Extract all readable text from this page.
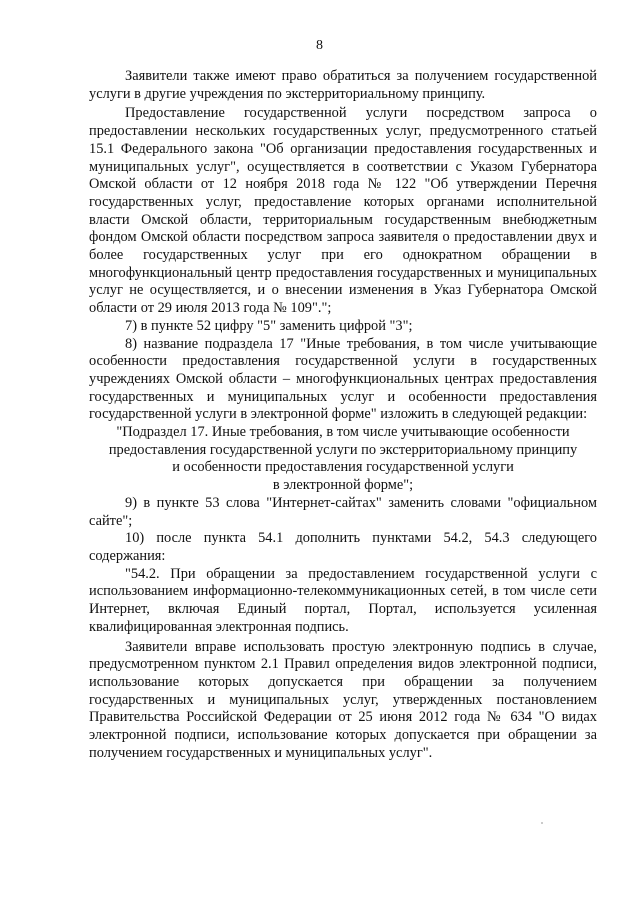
8

Заявители также имеют право обратиться за получением государственной услуги в другие учреждения по экстерриториальному принципу.

Предоставление государственной услуги посредством запроса о предоставлении нескольких государственных услуг, предусмотренного статьей 15.1 Федерального закона "Об организации предоставления государственных и муниципальных услуг", осуществляется в соответствии с Указом Губернатора Омской области от 12 ноября 2018 года № 122 "Об утверждении Перечня государственных услуг, предоставление которых органами исполнительной власти Омской области, территориальным государственным внебюджетным фондом Омской области посредством запроса заявителя о предоставлении двух и более государственных услуг при его однократном обращении в многофункциональный центр предоставления государственных и муниципальных услуг не осуществляется, и о внесении изменения в Указ Губернатора Омской области от 29 июля 2013 года № 109".";

7) в пункте 52 цифру "5" заменить цифрой "3";

8) название подраздела 17 "Иные требования, в том числе учитывающие особенности предоставления государственной услуги в государственных учреждениях Омской области – многофункциональных центрах предоставления государственных и муниципальных услуг и особенности предоставления государственной услуги в электронной форме" изложить в следующей редакции:

"Подраздел 17. Иные требования, в том числе учитывающие особенности

предоставления государственной услуги по экстерриториальному принципу

и особенности предоставления государственной услуги

в электронной форме";

9) в пункте 53 слова "Интернет-сайтах" заменить словами "официальном сайте";

10) после пункта 54.1 дополнить пунктами 54.2, 54.3 следующего содержания:

"54.2. При обращении за предоставлением государственной услуги с использованием информационно-телекоммуникационных сетей, в том числе сети Интернет, включая Единый портал, Портал, используется усиленная квалифицированная электронная подпись.

Заявители вправе использовать простую электронную подпись в случае, предусмотренном пунктом 2.1 Правил определения видов электронной подписи, использование которых допускается при обращении за получением государственных и муниципальных услуг, утвержденных постановлением Правительства Российской Федерации от 25 июня 2012 года № 634 "О видах электронной подписи, использование которых допускается при обращении за получением государственных и муниципальных услуг".
